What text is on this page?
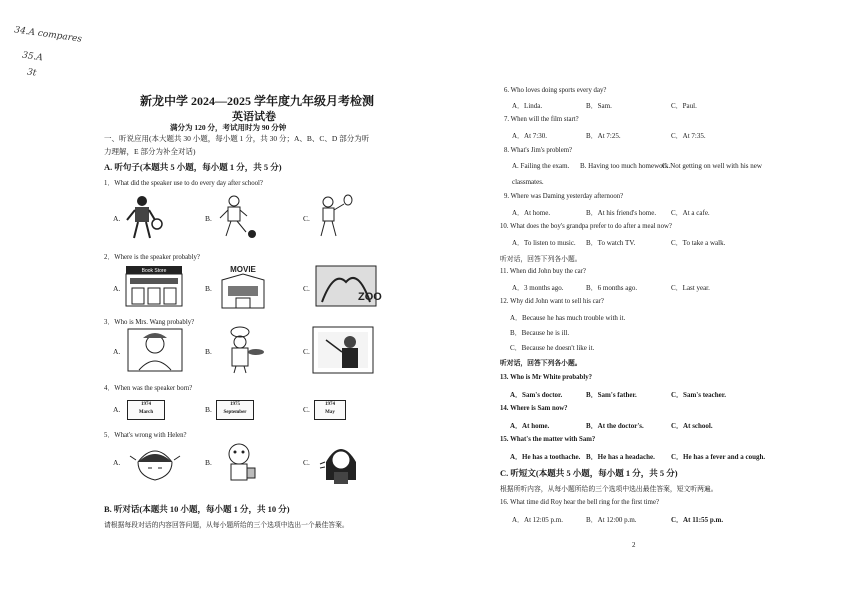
34.A compares
35.A
3t
新龙中学 2024—2025 学年度九年级月考检测
英语试卷
满分为 120 分，考试用时为 90 分钟
一、听说应用(本大题共 30 小题，每小题 1 分，共 30 分；A、B、C、D 部分为听
力理解，E 部分为补全对话)
A. 听句子(本题共 5 小题，每小题 1 分，共 5 分)
1．What did the speaker use to do every day after school?
A.	B.	C.
2．Where is the speaker probably?
A.
Book Store
B.
MOVIE
C.
ZOO
3．Who is Mrs. Wang probably?
A.	B.	C.
4．When was the speaker born?
A.
1974
March	B.
1975
September	C.
1974
May
5．What's wrong with Helen?
A.	B.	C.
B. 听对话(本题共 10 小题，每小题 1 分，共 10 分)
请根据每段对话的内容回答问题，从每小题所给的三个选项中选出一个最佳答案。
6. Who loves doing sports every day?
A．Linda.	B．Sam.	C．Paul.
7. When will the film start?
A．At 7:30.	B．At 7:25.	C．At 7:35.
8. What's Jim's problem?
A. Failing the exam. B. Having too much homework.
C. Not getting on well with his new
classmates.
9. Where was Daming yesterday afternoon?
A．At home.	B．At his friend's home. C．At a cafe.
10. What does the boy's grandpa prefer to do after a meal now?
A．To listen to music. B．To watch TV.	C．To take a walk.
听对话，回答下列各小题。
11. When did John buy the car?
A．3 months ago.	B．6 months ago.	C．Last year.
12. Why did John want to sell his car?
A．Because he has much trouble with it.
B．Because he is ill.
C．Because he doesn't like it.
听对话，回答下列各小题。
13. Who is Mr White probably?
A．Sam's doctor.	B．Sam's father.	C．Sam's teacher.
14. Where is Sam now?
A．At home.	B．At the doctor's.	C．At school.
15. What's the matter with Sam?
A．He has a toothache. B．He has a headache. C．He has a fever and a cough.
C. 听短文(本题共 5 小题，每小题 1 分，共 5 分)
根据所听内容，从每小题所给的三个选项中选出最佳答案，短文听两遍。
16. What time did Roy hear the bell ring for the first time?
A．At 12:05 p.m.	B．At 12:00 p.m.	C．At 11:55 p.m.
2
